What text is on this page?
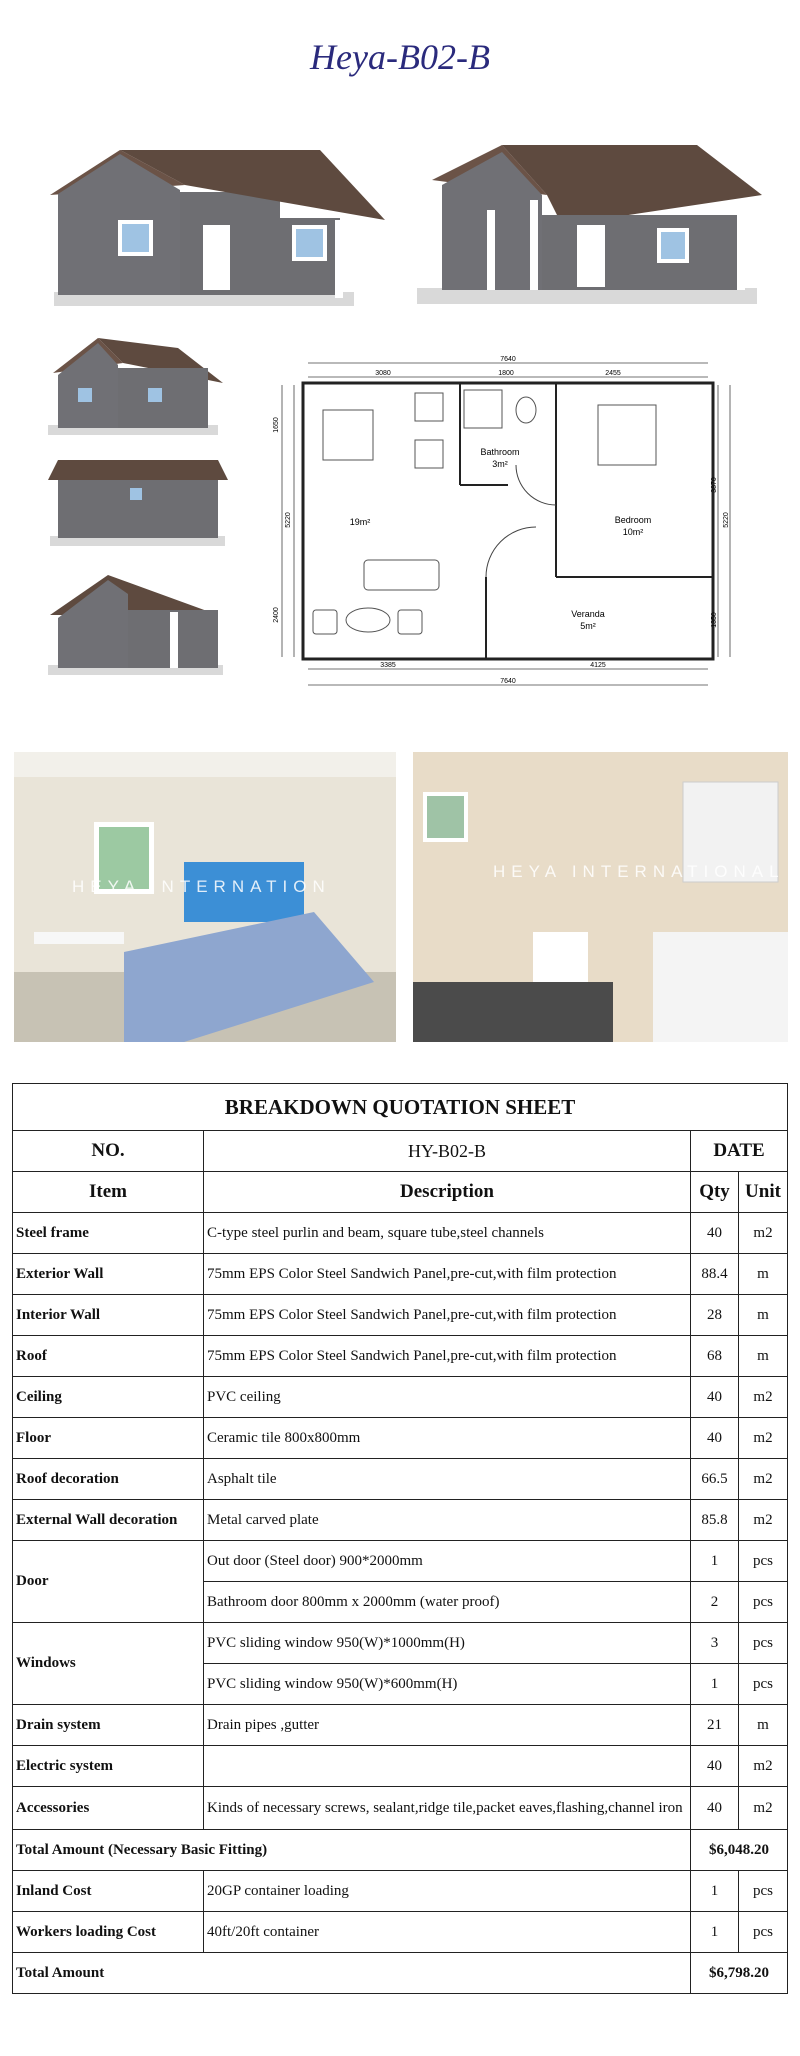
Heya-B02-B
7640
3080	1800	2455
Bathroom
3m²
19m²	Bedroom
10m²
Veranda
5m²
3385	4125
7640
1650
5220
2400
3870
5220
1350
HEYA INTERNATION
HEYA INTERNATIONAL
BREAKDOWN QUOTATION SHEET			
NO.	HY-B02-B	DATE	
Item	Description	Qty	Unit
Steel frame	C-type steel purlin and beam, square tube,steel channels	40	m2
Exterior Wall	75mm EPS Color Steel Sandwich Panel,pre-cut,with film protection	88.4	m
Interior Wall	75mm EPS Color Steel Sandwich Panel,pre-cut,with film protection	28	m
Roof	75mm EPS Color Steel Sandwich Panel,pre-cut,with film protection	68	m
Ceiling	PVC ceiling	40	m2
Floor	Ceramic tile 800x800mm	40	m2
Roof decoration	Asphalt tile	66.5	m2
External Wall decoration	Metal carved plate	85.8	m2
Door	Out door (Steel door) 900*2000mm	1	pcs
	Bathroom door 800mm x 2000mm (water proof)	2	pcs
Windows	PVC sliding window 950(W)*1000mm(H)	3	pcs
	PVC sliding window 950(W)*600mm(H)	1	pcs
Drain system	Drain pipes ,gutter	21	m
Electric system		40	m2
Accessories	Kinds of necessary screws, sealant,ridge tile,packet eaves,flashing,channel iron	40	m2
Total Amount (Necessary Basic Fitting)		$6,048.20	
Inland Cost	20GP container loading	1	pcs
Workers loading Cost	40ft/20ft container	1	pcs
Total Amount		$6,798.20	
